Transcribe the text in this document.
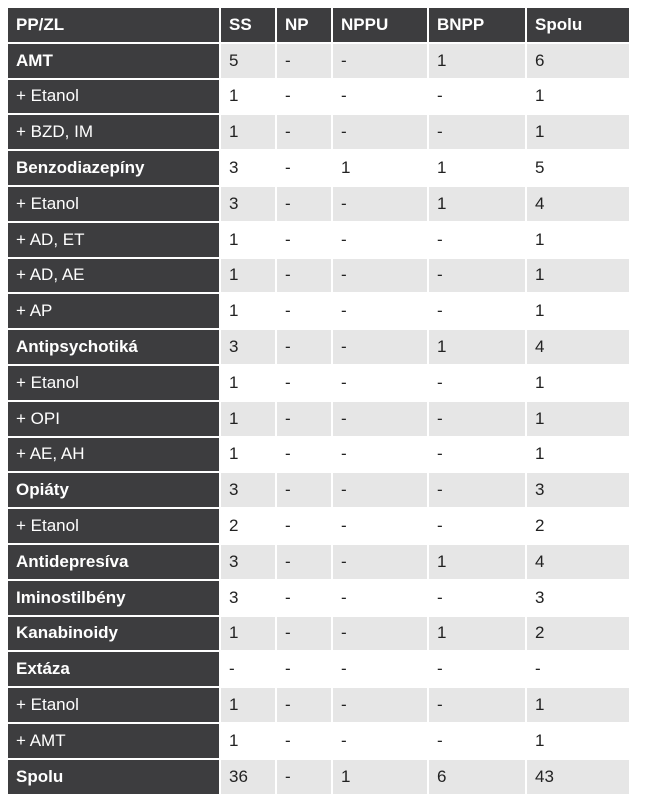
PP/ZL	SS	NP	NPPU	BNPP	Spolu
AMT	5	-	-	1	6
+ Etanol	1	-	-	-	1
+ BZD, IM	1	-	-	-	1
Benzodiazepíny	3	-	1	1	5
+ Etanol	3	-	-	1	4
+ AD, ET	1	-	-	-	1
+ AD, AE	1	-	-	-	1
+ AP	1	-	-	-	1
Antipsychotiká	3	-	-	1	4
+ Etanol	1	-	-	-	1
+ OPI	1	-	-	-	1
+ AE, AH	1	-	-	-	1
Opiáty	3	-	-	-	3
+ Etanol	2	-	-	-	2
Antidepresíva	3	-	-	1	4
Iminostilbény	3	-	-	-	3
Kanabinoidy	1	-	-	1	2
Extáza	-	-	-	-	-
+ Etanol	1	-	-	-	1
+ AMT	1	-	-	-	1
Spolu	36	-	1	6	43
